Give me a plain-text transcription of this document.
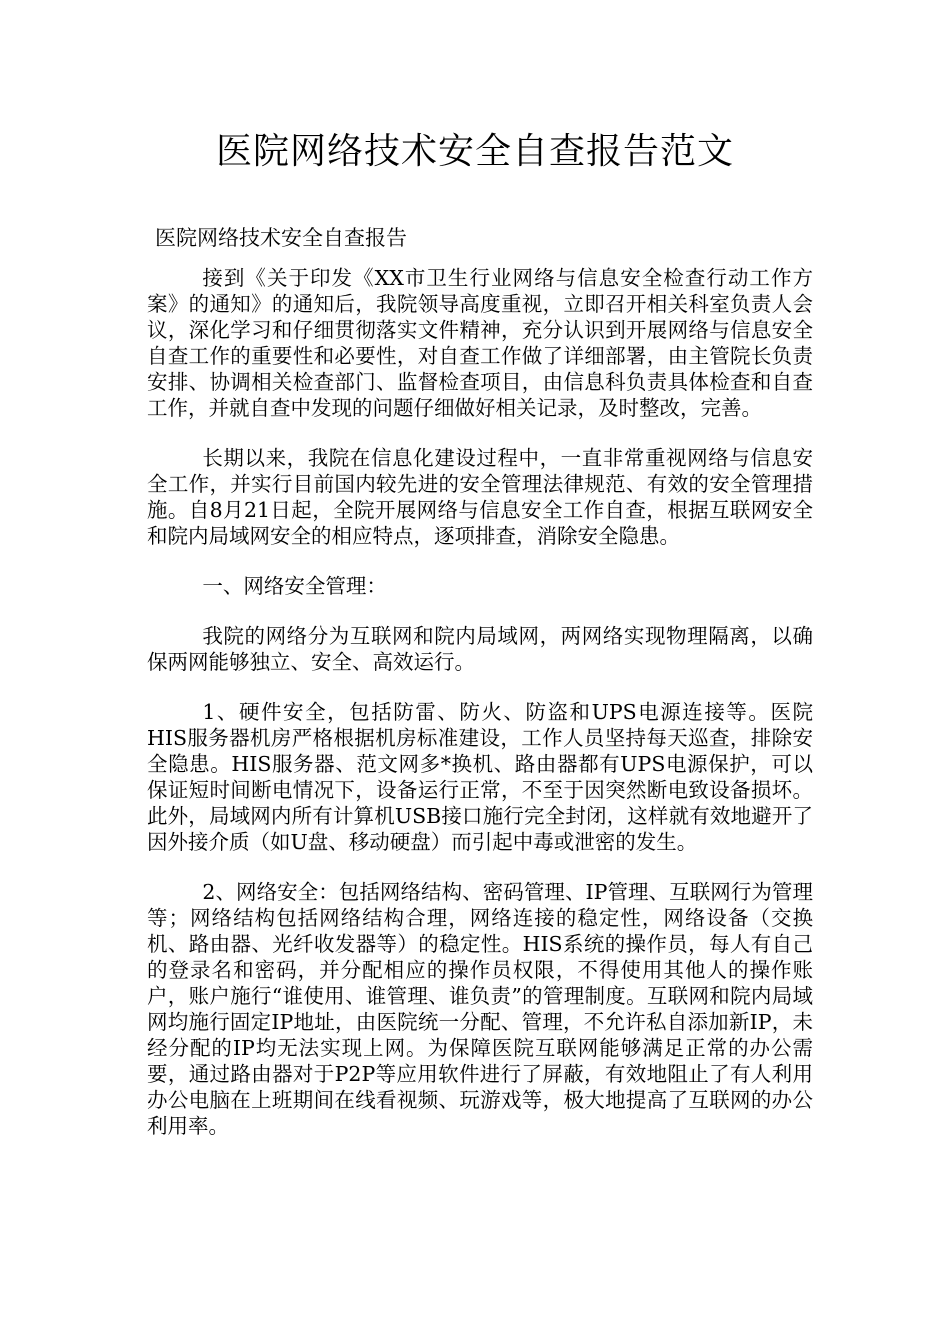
医院网络技术安全自查报告范文

医院网络技术安全自查报告

接到《关于印发《XX市卫生行业网络与信息安全检查行动工作方案》的通知》的通知后，我院领导高度重视，立即召开相关科室负责人会议，深化学习和仔细贯彻落实文件精神，充分认识到开展网络与信息安全自查工作的重要性和必要性，对自查工作做了详细部署，由主管院长负责安排、协调相关检查部门、监督检查项目，由信息科负责具体检查和自查工作，并就自查中发现的问题仔细做好相关记录，及时整改，完善。

长期以来，我院在信息化建设过程中，一直非常重视网络与信息安全工作，并实行目前国内较先进的安全管理法律规范、有效的安全管理措施。自8月21日起，全院开展网络与信息安全工作自查，根据互联网安全和院内局域网安全的相应特点，逐项排查，消除安全隐患。

一、网络安全管理：

我院的网络分为互联网和院内局域网，两网络实现物理隔离，以确保两网能够独立、安全、高效运行。

1、硬件安全，包括防雷、防火、防盗和UPS电源连接等。医院HIS服务器机房严格根据机房标准建设，工作人员坚持每天巡查，排除安全隐患。HIS服务器、范文网多*换机、路由器都有UPS电源保护，可以保证短时间断电情况下，设备运行正常，不至于因突然断电致设备损坏。此外，局域网内所有计算机USB接口施行完全封闭，这样就有效地避开了因外接介质（如U盘、移动硬盘）而引起中毒或泄密的发生。

2、网络安全：包括网络结构、密码管理、IP管理、互联网行为管理等；网络结构包括网络结构合理，网络连接的稳定性，网络设备（交换机、路由器、光纤收发器等）的稳定性。HIS系统的操作员，每人有自己的登录名和密码，并分配相应的操作员权限，不得使用其他人的操作账户，账户施行“谁使用、谁管理、谁负责”的管理制度。互联网和院内局域网均施行固定IP地址，由医院统一分配、管理，不允许私自添加新IP，未经分配的IP均无法实现上网。为保障医院互联网能够满足正常的办公需要，通过路由器对于P2P等应用软件进行了屏蔽，有效地阻止了有人利用办公电脑在上班期间在线看视频、玩游戏等，极大地提高了互联网的办公利用率。
